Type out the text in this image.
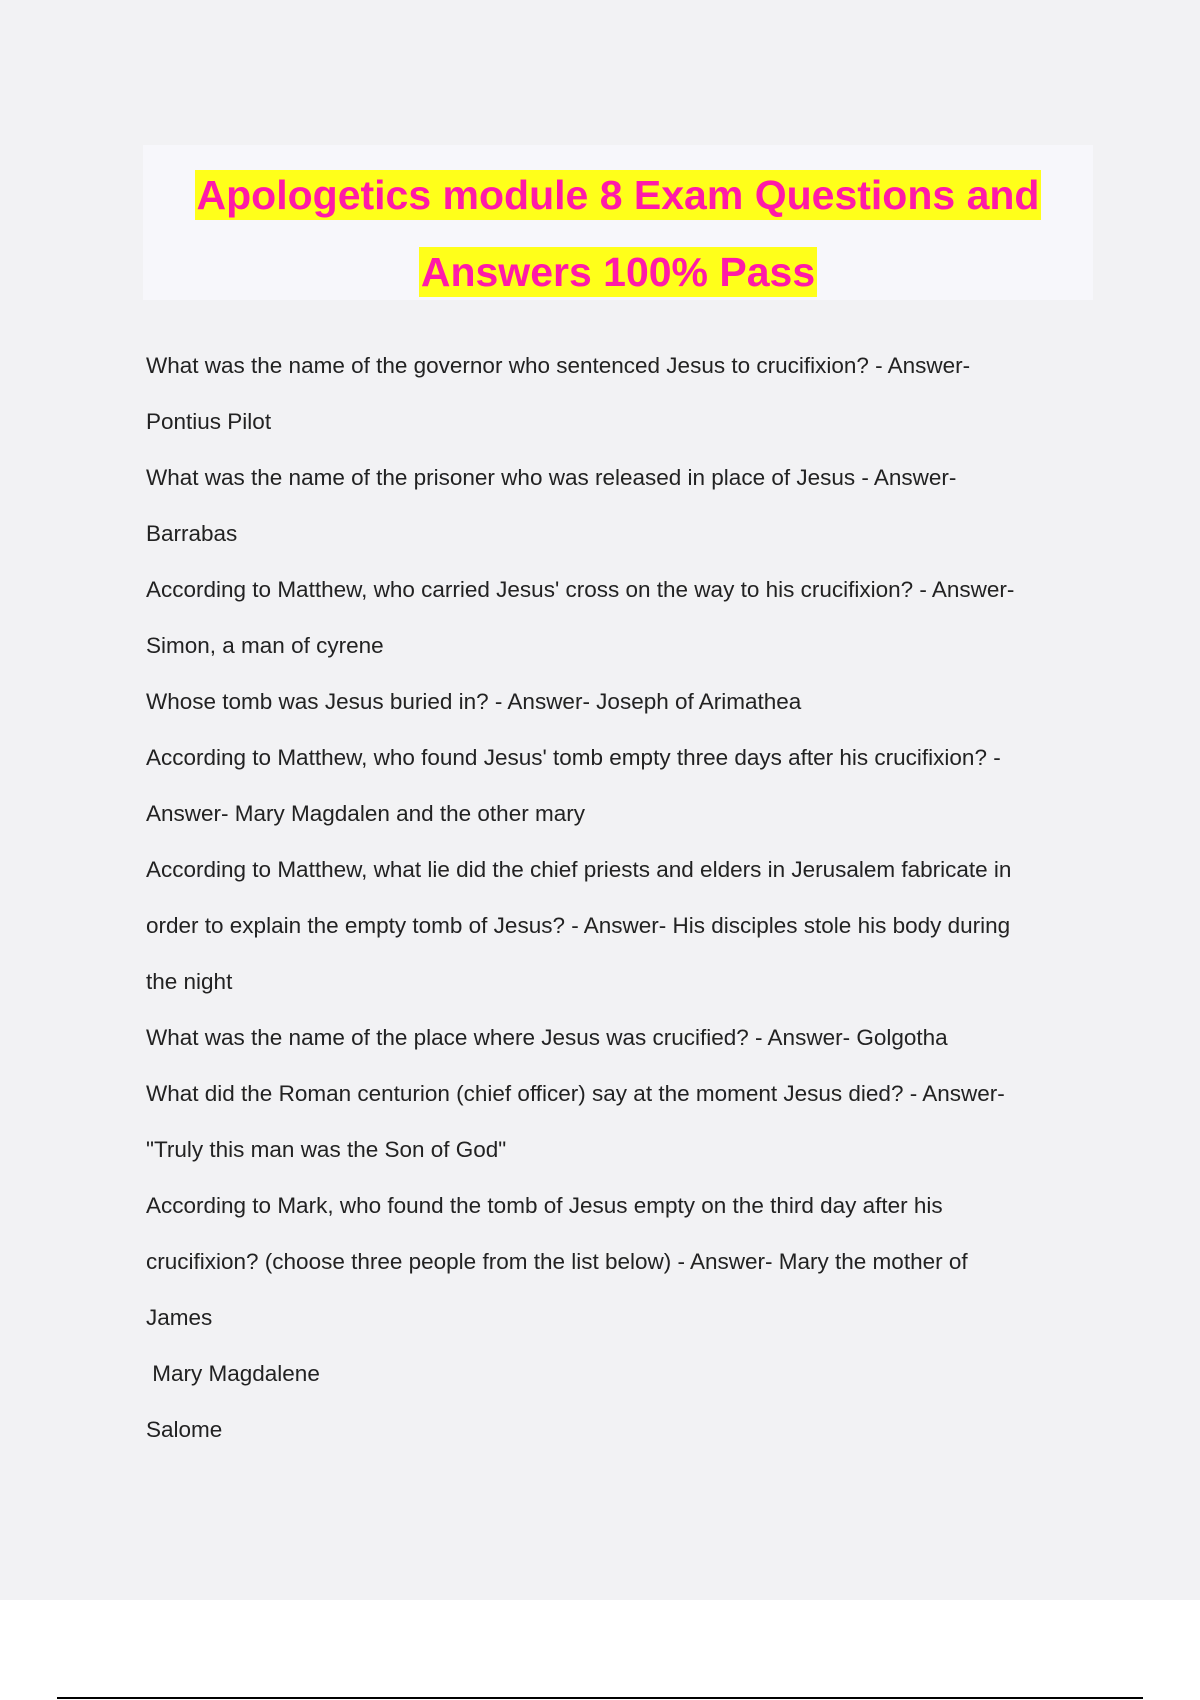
Apologetics module 8 Exam Questions and
Answers 100% Pass

What was the name of the governor who sentenced Jesus to crucifixion? - Answer-

Pontius Pilot

What was the name of the prisoner who was released in place of Jesus - Answer-

Barrabas

According to Matthew, who carried Jesus' cross on the way to his crucifixion? - Answer-

Simon, a man of cyrene

Whose tomb was Jesus buried in? - Answer- Joseph of Arimathea

According to Matthew, who found Jesus' tomb empty three days after his crucifixion? -

Answer- Mary Magdalen and the other mary

According to Matthew, what lie did the chief priests and elders in Jerusalem fabricate in

order to explain the empty tomb of Jesus? - Answer- His disciples stole his body during

the night

What was the name of the place where Jesus was crucified? - Answer- Golgotha

What did the Roman centurion (chief officer) say at the moment Jesus died? - Answer-

"Truly this man was the Son of God"

According to Mark, who found the tomb of Jesus empty on the third day after his

crucifixion? (choose three people from the list below) - Answer- Mary the mother of

James

Mary Magdalene

Salome
